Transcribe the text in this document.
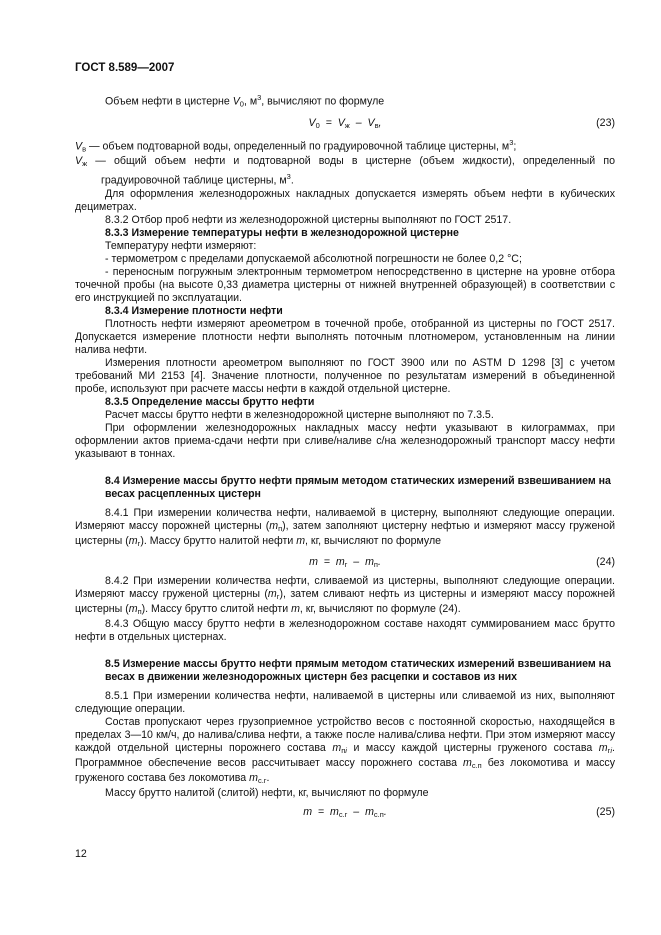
ГОСТ 8.589—2007

Объем нефти в цистерне $V_0$, $м^3$, вычисляют по формуле

$V_0 = V_ж - V_в$,	(23)

$V_в$ — объем подтоварной воды, определенный по градуировочной таблице цистерны, $м^3$;

$V_ж$ — общий объем нефти и подтоварной воды в цистерне (объем жидкости), определенный по градуировочной таблице цистерны, $м^3$.

Для оформления железнодорожных накладных допускается измерять объем нефти в кубических дециметрах.

8.3.2 Отбор проб нефти из железнодорожной цистерны выполняют по ГОСТ 2517.

8.3.3 Измерение температуры нефти в железнодорожной цистерне

Температуру нефти измеряют:

- термометром с пределами допускаемой абсолютной погрешности не более 0,2 °С;

- переносным погружным электронным термометром непосредственно в цистерне на уровне отбора точечной пробы (на высоте 0,33 диаметра цистерны от нижней внутренней образующей) в соответствии с его инструкцией по эксплуатации.

8.3.4 Измерение плотности нефти

Плотность нефти измеряют ареометром в точечной пробе, отобранной из цистерны по ГОСТ 2517. Допускается измерение плотности нефти выполнять поточным плотномером, установленным на линии налива нефти.

Измерения плотности ареометром выполняют по ГОСТ 3900 или по ASTM D 1298 [3] с учетом требований МИ 2153 [4]. Значение плотности, полученное по результатам измерений в объединенной пробе, используют при расчете массы нефти в каждой отдельной цистерне.

8.3.5 Определение массы брутто нефти

Расчет массы брутто нефти в железнодорожной цистерне выполняют по 7.3.5.

При оформлении железнодорожных накладных массу нефти указывают в килограммах, при оформлении актов приема-сдачи нефти при сливе/наливе с/на железнодорожный транспорт массу нефти указывают в тоннах.

8.4 Измерение массы брутто нефти прямым методом статических измерений взвешиванием на весах расцепленных цистерн

8.4.1 При измерении количества нефти, наливаемой в цистерну, выполняют следующие операции. Измеряют массу порожней цистерны $(m_п)$, затем заполняют цистерну нефтью и измеряют массу груженой цистерны $(m_г)$. Массу брутто налитой нефти m, кг, вычисляют по формуле

$m = m_г - m_п$.	(24)

8.4.2 При измерении количества нефти, сливаемой из цистерны, выполняют следующие операции. Измеряют массу груженой цистерны $(m_г)$, затем сливают нефть из цистерны и измеряют массу порожней цистерны $(m_п)$. Массу брутто слитой нефти m, кг, вычисляют по формуле (24).

8.4.3 Общую массу брутто нефти в железнодорожном составе находят суммированием масс брутто нефти в отдельных цистернах.

8.5 Измерение массы брутто нефти прямым методом статических измерений взвешиванием на весах в движении железнодорожных цистерн без расцепки и составов из них

8.5.1 При измерении количества нефти, наливаемой в цистерны или сливаемой из них, выполняют следующие операции.

Состав пропускают через грузоприемное устройство весов с постоянной скоростью, находящейся в пределах 3—10 км/ч, до налива/слива нефти, а также после налива/слива нефти. При этом измеряют массу каждой отдельной цистерны порожнего состава $m_{пi}$ и массу каждой цистерны груженого состава $m_{гi}$. Программное обеспечение весов рассчитывает массу порожнего состава $m_{с.п}$ без локомотива и массу груженого состава без локомотива $m_{с.г}$.

Массу брутто налитой (слитой) нефти, кг, вычисляют по формуле

$m = m_{с.г} - m_{с.п}$.	(25)
12
